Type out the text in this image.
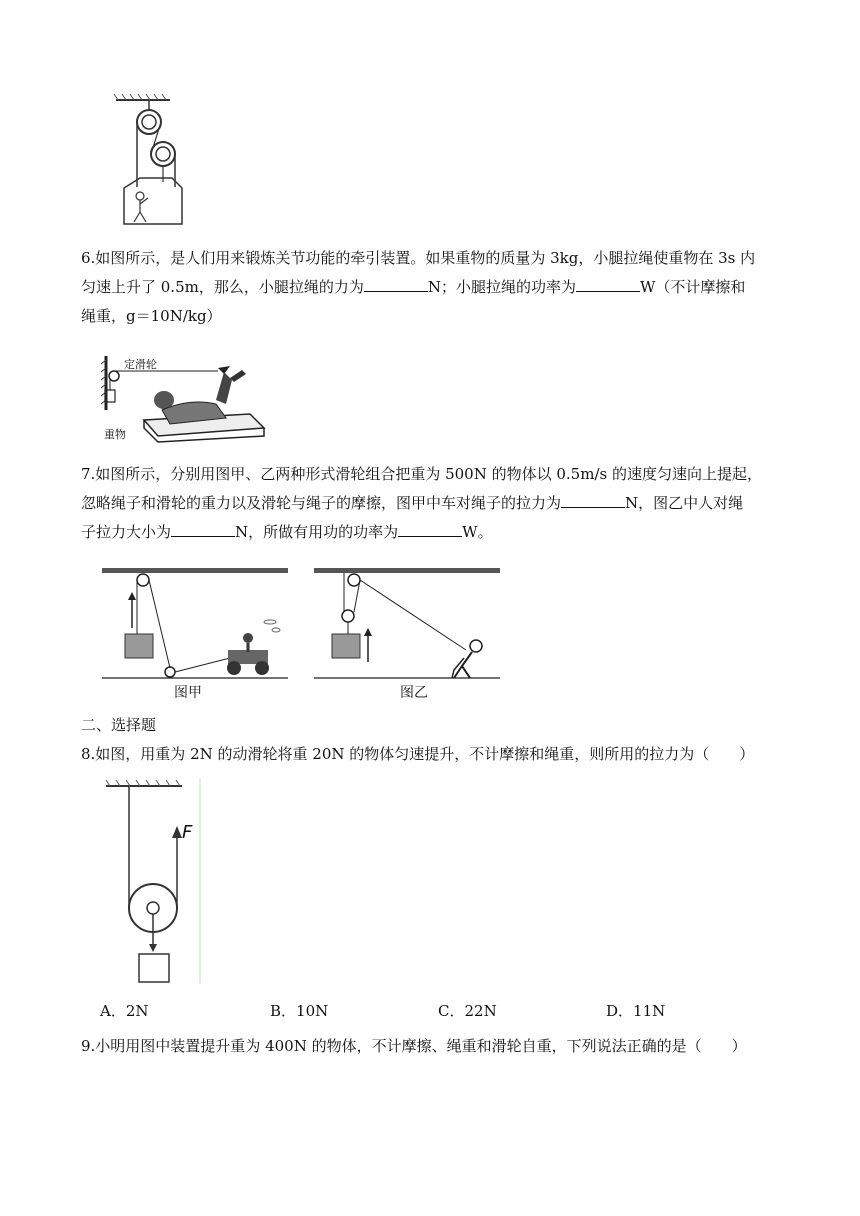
6.如图所示，是人们用来锻炼关节功能的牵引装置。如果重物的质量为 3kg，小腿拉绳使重物在 3s 内
匀速上升了 0.5m，那么，小腿拉绳的力为	N；小腿拉绳的功率为	W（不计摩擦和
绳重，g＝10N/kg）
定滑轮
重物
7.如图所示，分别用图甲、乙两种形式滑轮组合把重为 500N 的物体以 0.5m/s 的速度匀速向上提起，
忽略绳子和滑轮的重力以及滑轮与绳子的摩擦，图甲中车对绳子的拉力为	N，图乙中人对绳
子拉力大小为	N，所做有用功的功率为	W。
图甲	图乙
二、选择题
8.如图，用重为 2N 的动滑轮将重 20N 的物体匀速提升，不计摩擦和绳重，则所用的拉力为（　　）
F
A．2N	B．10N	C．22N	D．11N
9.小明用图中装置提升重为 400N 的物体，不计摩擦、绳重和滑轮自重，下列说法正确的是（　　）
